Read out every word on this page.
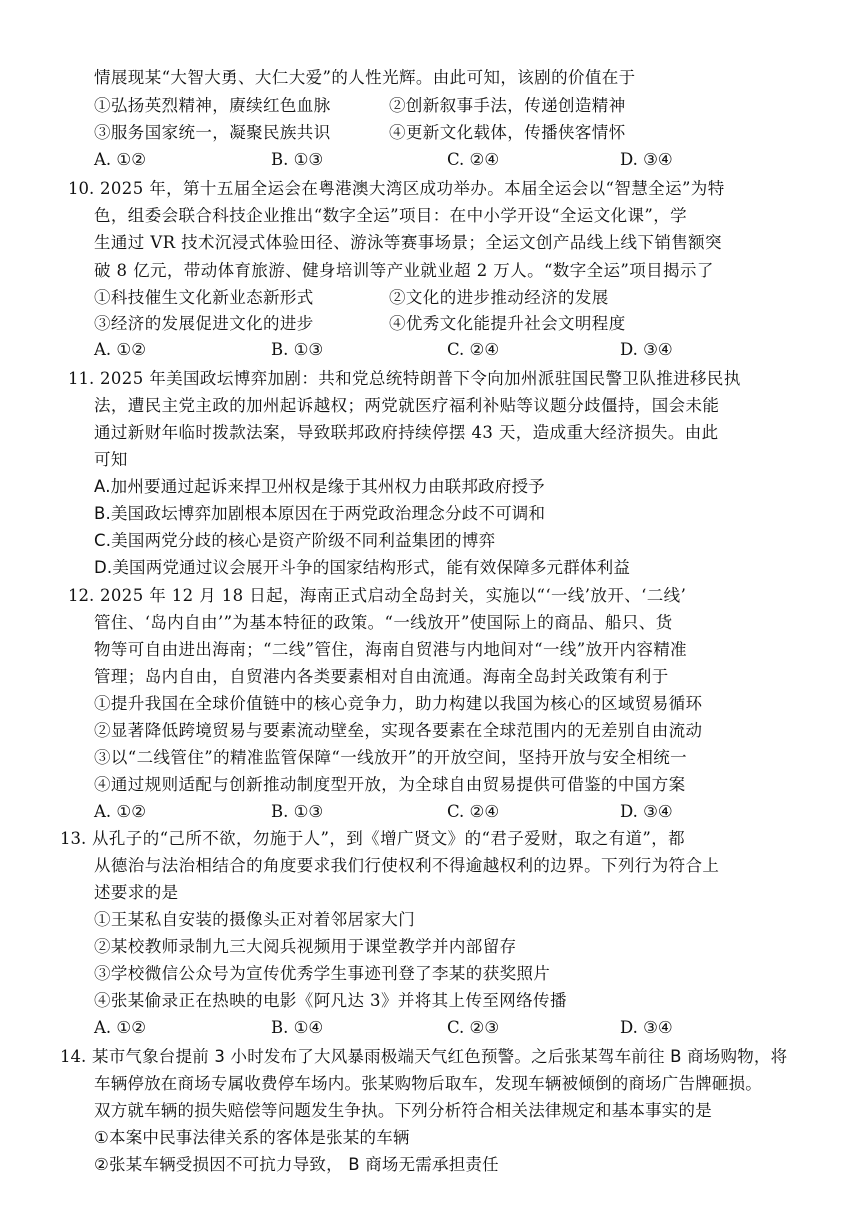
情展现某“大智大勇、大仁大爱”的人性光辉。由此可知，该剧的价值在于
①弘扬英烈精神，赓续红色血脉	②创新叙事手法，传递创造精神
③服务国家统一，凝聚民族共识	④更新文化载体，传播侠客情怀
A. ①②	B. ①③	C. ②④	D. ③④
10. 2025 年，第十五届全运会在粤港澳大湾区成功举办。本届全运会以“智慧全运”为特
色，组委会联合科技企业推出“数字全运”项目：在中小学开设“全运文化课”，学
生通过 VR 技术沉浸式体验田径、游泳等赛事场景；全运文创产品线上线下销售额突
破 8 亿元，带动体育旅游、健身培训等产业就业超 2 万人。“数字全运”项目揭示了
①科技催生文化新业态新形式	②文化的进步推动经济的发展
③经济的发展促进文化的进步	④优秀文化能提升社会文明程度
A. ①②	B. ①③	C. ②④	D. ③④
11. 2025 年美国政坛博弈加剧：共和党总统特朗普下令向加州派驻国民警卫队推进移民执
法，遭民主党主政的加州起诉越权；两党就医疗福利补贴等议题分歧僵持，国会未能
通过新财年临时拨款法案，导致联邦政府持续停摆 43 天，造成重大经济损失。由此
可知
A.加州要通过起诉来捍卫州权是缘于其州权力由联邦政府授予
B.美国政坛博弈加剧根本原因在于两党政治理念分歧不可调和
C.美国两党分歧的核心是资产阶级不同利益集团的博弈
D.美国两党通过议会展开斗争的国家结构形式，能有效保障多元群体利益
12. 2025 年 12 月 18 日起，海南正式启动全岛封关，实施以“‘一线’放开、‘二线’
管住、‘岛内自由’”为基本特征的政策。“一线放开”使国际上的商品、船只、货
物等可自由进出海南；“二线”管住，海南自贸港与内地间对“一线”放开内容精准
管理；岛内自由，自贸港内各类要素相对自由流通。海南全岛封关政策有利于
①提升我国在全球价值链中的核心竞争力，助力构建以我国为核心的区域贸易循环
②显著降低跨境贸易与要素流动壁垒，实现各要素在全球范围内的无差别自由流动
③以“二线管住”的精准监管保障“一线放开”的开放空间，坚持开放与安全相统一
④通过规则适配与创新推动制度型开放，为全球自由贸易提供可借鉴的中国方案
A. ①②	B. ①③	C. ②④	D. ③④
13. 从孔子的“己所不欲，勿施于人”，到《增广贤文》的“君子爱财，取之有道”，都
从德治与法治相结合的角度要求我们行使权利不得逾越权利的边界。下列行为符合上
述要求的是
①王某私自安装的摄像头正对着邻居家大门
②某校教师录制九三大阅兵视频用于课堂教学并内部留存
③学校微信公众号为宣传优秀学生事迹刊登了李某的获奖照片
④张某偷录正在热映的电影《阿凡达 3》并将其上传至网络传播
A. ①②	B. ①④	C. ②③	D. ③④
14. 某市气象台提前 3 小时发布了大风暴雨极端天气红色预警。之后张某驾车前往 B 商场购物，将
车辆停放在商场专属收费停车场内。张某购物后取车，发现车辆被倾倒的商场广告牌砸损。
双方就车辆的损失赔偿等问题发生争执。下列分析符合相关法律规定和基本事实的是
①本案中民事法律关系的客体是张某的车辆
②张某车辆受损因不可抗力导致， B 商场无需承担责任
